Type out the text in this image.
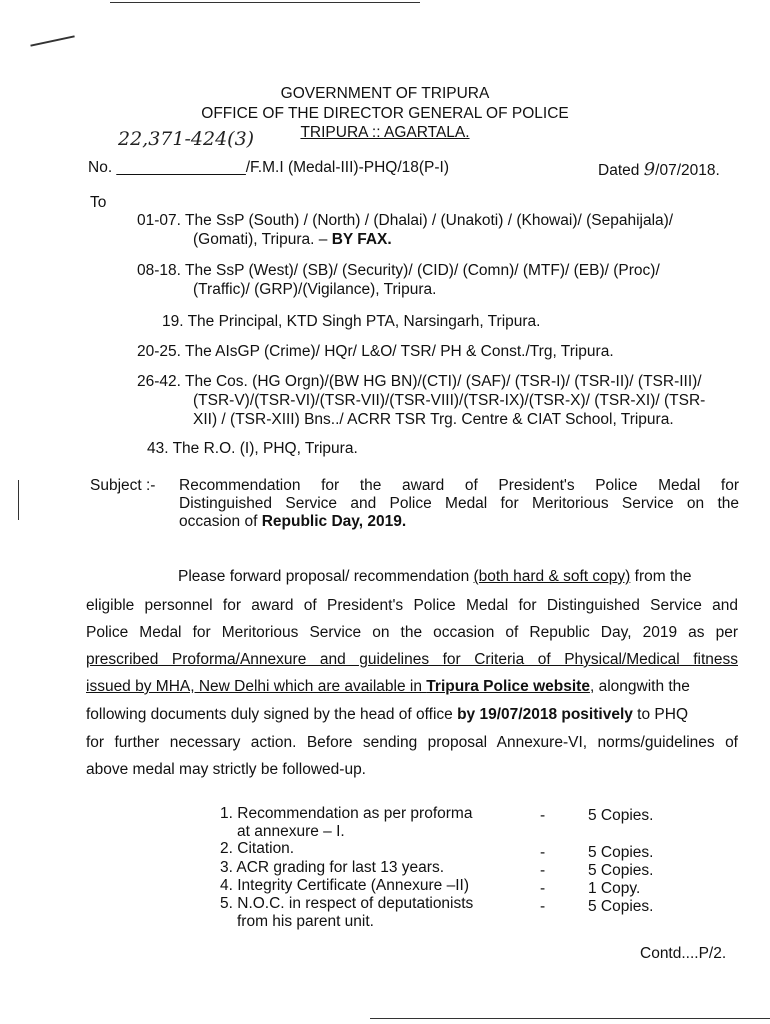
GOVERNMENT OF TRIPURA
OFFICE OF THE DIRECTOR GENERAL OF POLICE
TRIPURA :: AGARTALA.
22,371-424(3)
No. _______________/F.M.I (Medal-III)-PHQ/18(P-I)	Dated 9/07/2018.
To
01-07. The SsP (South) / (North) / (Dhalai) / (Unakoti) / (Khowai)/ (Sepahijala)/
(Gomati), Tripura. – BY FAX.
08-18. The SsP (West)/ (SB)/ (Security)/ (CID)/ (Comn)/ (MTF)/ (EB)/ (Proc)/
(Traffic)/ (GRP)/(Vigilance), Tripura.
19. The Principal, KTD Singh PTA, Narsingarh, Tripura.
20-25. The AIsGP (Crime)/ HQr/ L&O/ TSR/ PH & Const./Trg, Tripura.
26-42. The Cos. (HG Orgn)/(BW HG BN)/(CTI)/ (SAF)/ (TSR-I)/ (TSR-II)/ (TSR-III)/
(TSR-V)/(TSR-VI)/(TSR-VII)/(TSR-VIII)/(TSR-IX)/(TSR-X)/ (TSR-XI)/ (TSR-
XII) / (TSR-XIII) Bns../ ACRR TSR Trg. Centre & CIAT School, Tripura.
43. The R.O. (I), PHQ, Tripura.
Subject :- Recommendation for the award of President's Police Medal for
Distinguished Service and Police Medal for Meritorious Service on the
occasion of Republic Day, 2019.
Please forward proposal/ recommendation (both hard & soft copy) from the
eligible personnel for award of President's Police Medal for Distinguished Service and
Police Medal for Meritorious Service on the occasion of Republic Day, 2019 as per
prescribed Proforma/Annexure and guidelines for Criteria of Physical/Medical fitness
issued by MHA, New Delhi which are available in Tripura Police website, alongwith the
following documents duly signed by the head of office by 19/07/2018 positively to PHQ
for further necessary action. Before sending proposal Annexure-VI, norms/guidelines of
above medal may strictly be followed-up.
1. Recommendation as per proforma
at annexure – I.
-	5 Copies.
2. Citation.	-	5 Copies.
3. ACR grading for last 13 years.	-	5 Copies.
4. Integrity Certificate (Annexure –II)	-	1 Copy.
5. N.O.C. in respect of deputationists
from his parent unit.
-	5 Copies.
Contd....P/2.
